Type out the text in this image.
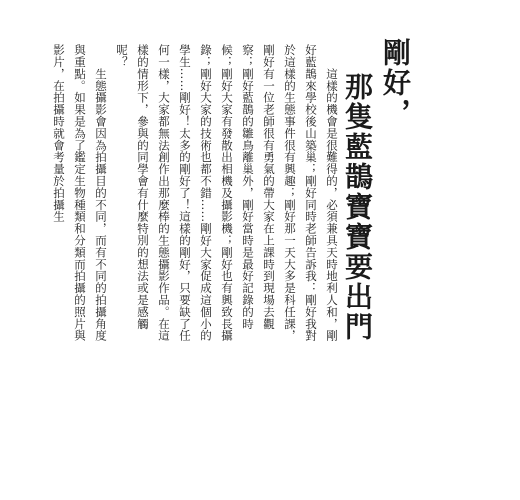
剛好，
那隻藍鵲寶寶要出門

　　這樣的機會是很難得的，必須兼具天時地利人和，剛好藍鵲來學校後山築巢；剛好同時老師告訴我：剛好我對於這樣的生態事件很有興趣；剛好那一天大多是科任課，剛好有一位老師很有勇氣的帶大家在上課時到現場去觀察；剛好藍鵲的雛鳥離巢外，剛好當時是最好記錄的時候；剛好大家有發散出相機及攝影機；剛好也有興致長攝錄；剛好大家的技術也都不錯……剛好大家促成這個小的學生……剛好！太多的剛好了！這樣的剛好，只要缺了任何一樣，大家都無法創作出那麼棒的生態攝影作品。在這樣的情形下，參與的同學會有什麼特別的想法或是感觸呢？

　　生態攝影會因為拍攝目的不同，而有不同的拍攝角度與重點。如果是為了鑑定生物種類和分類而拍攝的照片與影片，在拍攝時就會考量於拍攝生
